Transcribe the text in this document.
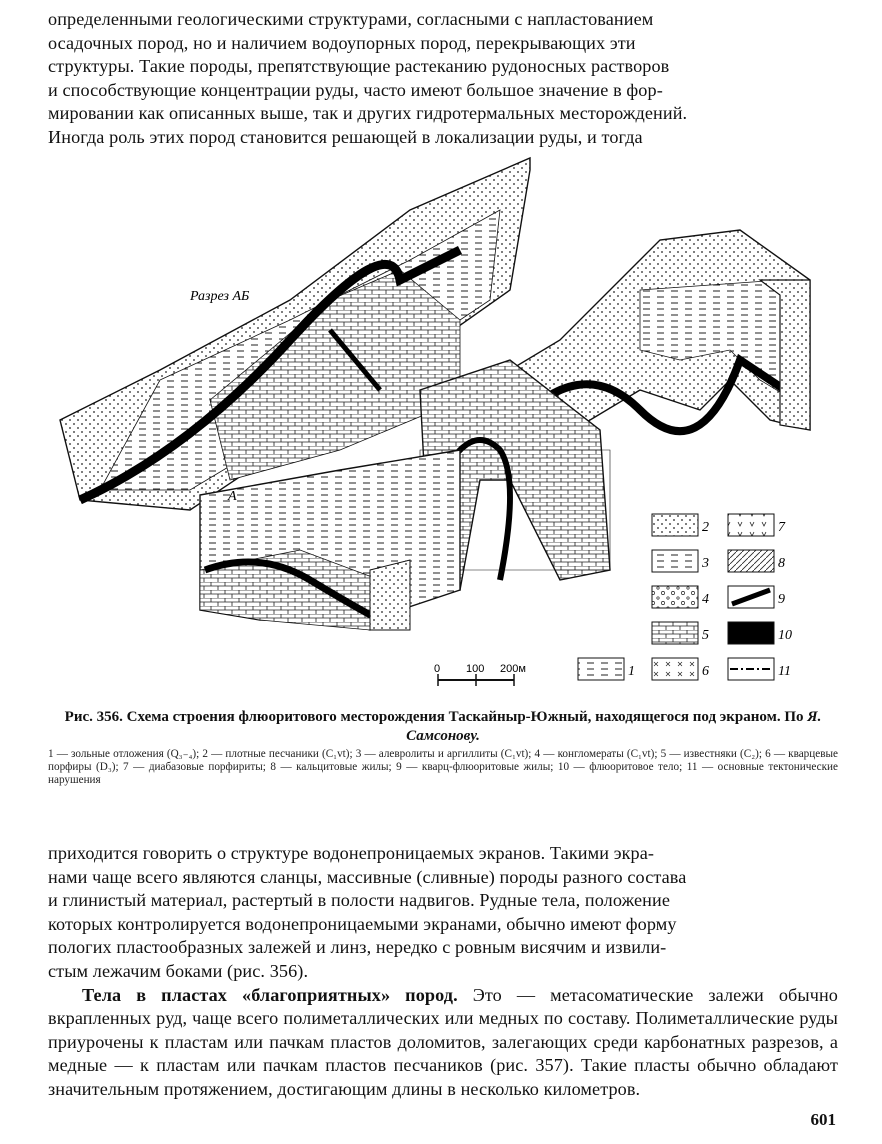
определенными геологическими структурами, согласными с напластованием

осадочных пород, но и наличием водоупорных пород, перекрывающих эти

структуры. Такие породы, препятствующие растеканию рудоносных растворов

и способствующие концентрации руды, часто имеют большое значение в фор-

мировании как описанных выше, так и других гидротермальных месторождений.

Иногда роль этих пород становится решающей в локализации руды, и тогда

А
Разрез АБ
0 100 200м
2	7
3	8
4	9
5	10
1	6	11
Рис. 356. Схема строения флюоритового месторождения Таскайныр-Южный, находящегося под экраном. По Я. Самсонову.
1 — зольные отложения (Q₃₋₄); 2 — плотные песчаники (C₁vt); 3 — алевролиты и аргиллиты (C₁vt); 4 — конгломераты (C₁vt); 5 — известняки (C₂); 6 — кварцевые порфиры (D₃); 7 — диабазовые порфириты; 8 — кальцитовые жилы; 9 — кварц-флюоритовые жилы; 10 — флюоритовое тело; 11 — основные тектонические нарушения

приходится говорить о структуре водонепроницаемых экранов. Такими экра-

нами чаще всего являются сланцы, массивные (сливные) породы разного состава

и глинистый материал, растертый в полости надвигов. Рудные тела, положение

которых контролируется водонепроницаемыми экранами, обычно имеют форму

пологих пластообразных залежей и линз, нередко с ровным висячим и извили-

стым лежачим боками (рис. 356).

Тела в пластах «благоприятных» пород. Это — метасоматические залежи обычно вкрапленных руд, чаще всего полиметаллических или медных по составу. Полиметаллические руды приурочены к пластам или пачкам пластов доломитов, залегающих среди карбонатных разрезов, а медные — к пластам или пачкам пластов песчаников (рис. 357). Такие пласты обычно обладают значительным протяжением, достигающим длины в несколько километров.

601
